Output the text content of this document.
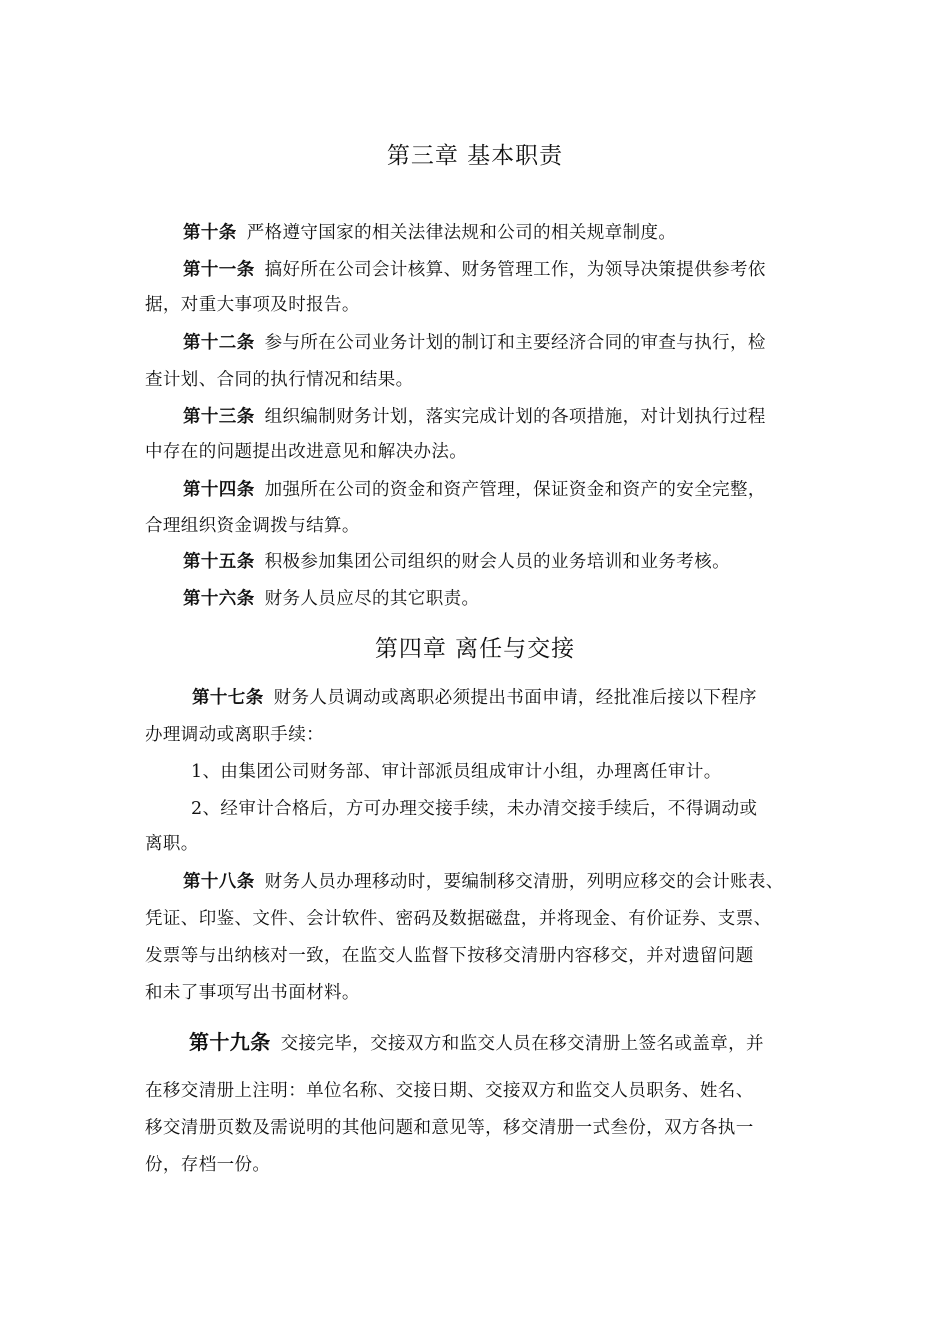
第三章 基本职责
第十条 严格遵守国家的相关法律法规和公司的相关规章制度。
第十一条 搞好所在公司会计核算、财务管理工作，为领导决策提供参考依
据，对重大事项及时报告。
第十二条 参与所在公司业务计划的制订和主要经济合同的审查与执行，检
查计划、合同的执行情况和结果。
第十三条 组织编制财务计划，落实完成计划的各项措施，对计划执行过程
中存在的问题提出改进意见和解决办法。
第十四条 加强所在公司的资金和资产管理，保证资金和资产的安全完整，
合理组织资金调拨与结算。
第十五条 积极参加集团公司组织的财会人员的业务培训和业务考核。
第十六条 财务人员应尽的其它职责。
第四章 离任与交接
第十七条 财务人员调动或离职必须提出书面申请，经批准后接以下程序
办理调动或离职手续：
1、由集团公司财务部、审计部派员组成审计小组，办理离任审计。
2、经审计合格后，方可办理交接手续，未办清交接手续后，不得调动或
离职。
第十八条 财务人员办理移动时，要编制移交清册，列明应移交的会计账表、
凭证、印鉴、文件、会计软件、密码及数据磁盘，并将现金、有价证券、支票、
发票等与出纳核对一致，在监交人监督下按移交清册内容移交，并对遗留问题
和未了事项写出书面材料。
第十九条 交接完毕，交接双方和监交人员在移交清册上签名或盖章，并
在移交清册上注明：单位名称、交接日期、交接双方和监交人员职务、姓名、
移交清册页数及需说明的其他问题和意见等，移交清册一式叁份，双方各执一
份，存档一份。
